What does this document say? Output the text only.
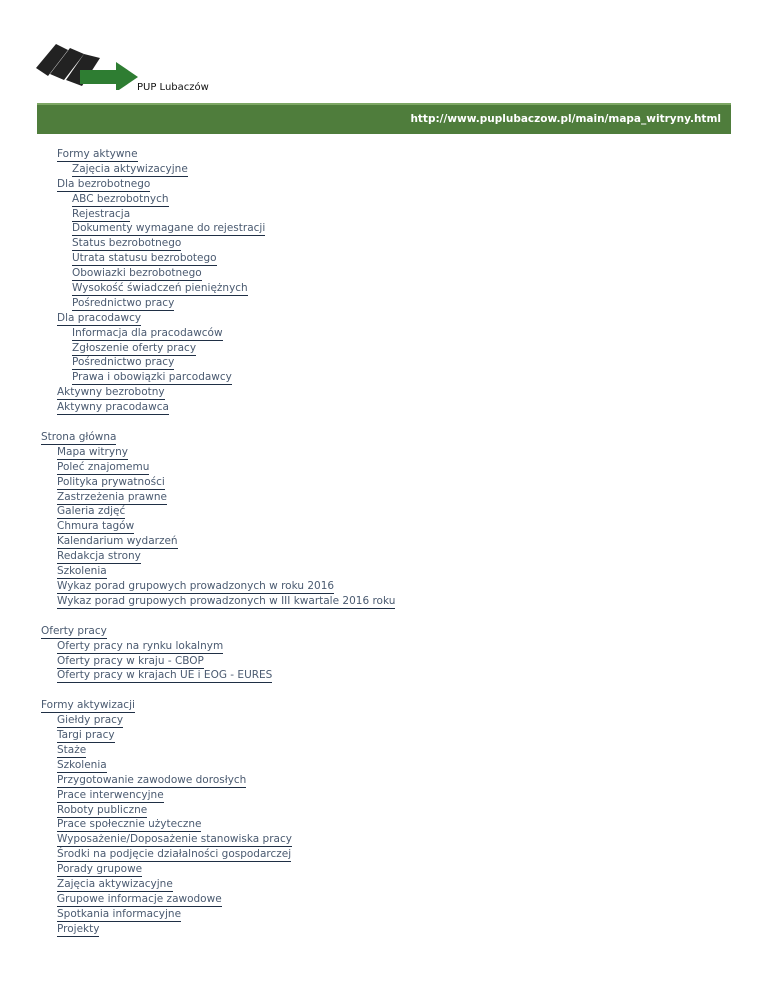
PUP Lubaczów
http://www.puplubaczow.pl/main/mapa_witryny.html
Formy aktywne
Zajęcia aktywizacyjne
Dla bezrobotnego
ABC bezrobotnych
Rejestracja
Dokumenty wymagane do rejestracji
Status bezrobotnego
Utrata statusu bezrobotego
Obowiazki bezrobotnego
Wysokość świadczeń pieniężnych
Pośrednictwo pracy
Dla pracodawcy
Informacja dla pracodawców
Zgłoszenie oferty pracy
Pośrednictwo pracy
Prawa i obowiązki parcodawcy
Aktywny bezrobotny
Aktywny pracodawca
Strona główna
Mapa witryny
Poleć znajomemu
Polityka prywatności
Zastrzeżenia prawne
Galeria zdjęć
Chmura tagów
Kalendarium wydarzeń
Redakcja strony
Szkolenia
Wykaz porad grupowych prowadzonych w roku 2016
Wykaz porad grupowych prowadzonych w III kwartale 2016 roku
Oferty pracy
Oferty pracy na rynku lokalnym
Oferty pracy w kraju - CBOP
Oferty pracy w krajach UE i EOG - EURES
Formy aktywizacji
Giełdy pracy
Targi pracy
Staże
Szkolenia
Przygotowanie zawodowe dorosłych
Prace interwencyjne
Roboty publiczne
Prace społecznie użyteczne
Wyposażenie/Doposażenie stanowiska pracy
Środki na podjęcie działalności gospodarczej
Porady grupowe
Zajęcia aktywizacyjne
Grupowe informacje zawodowe
Spotkania informacyjne
Projekty
